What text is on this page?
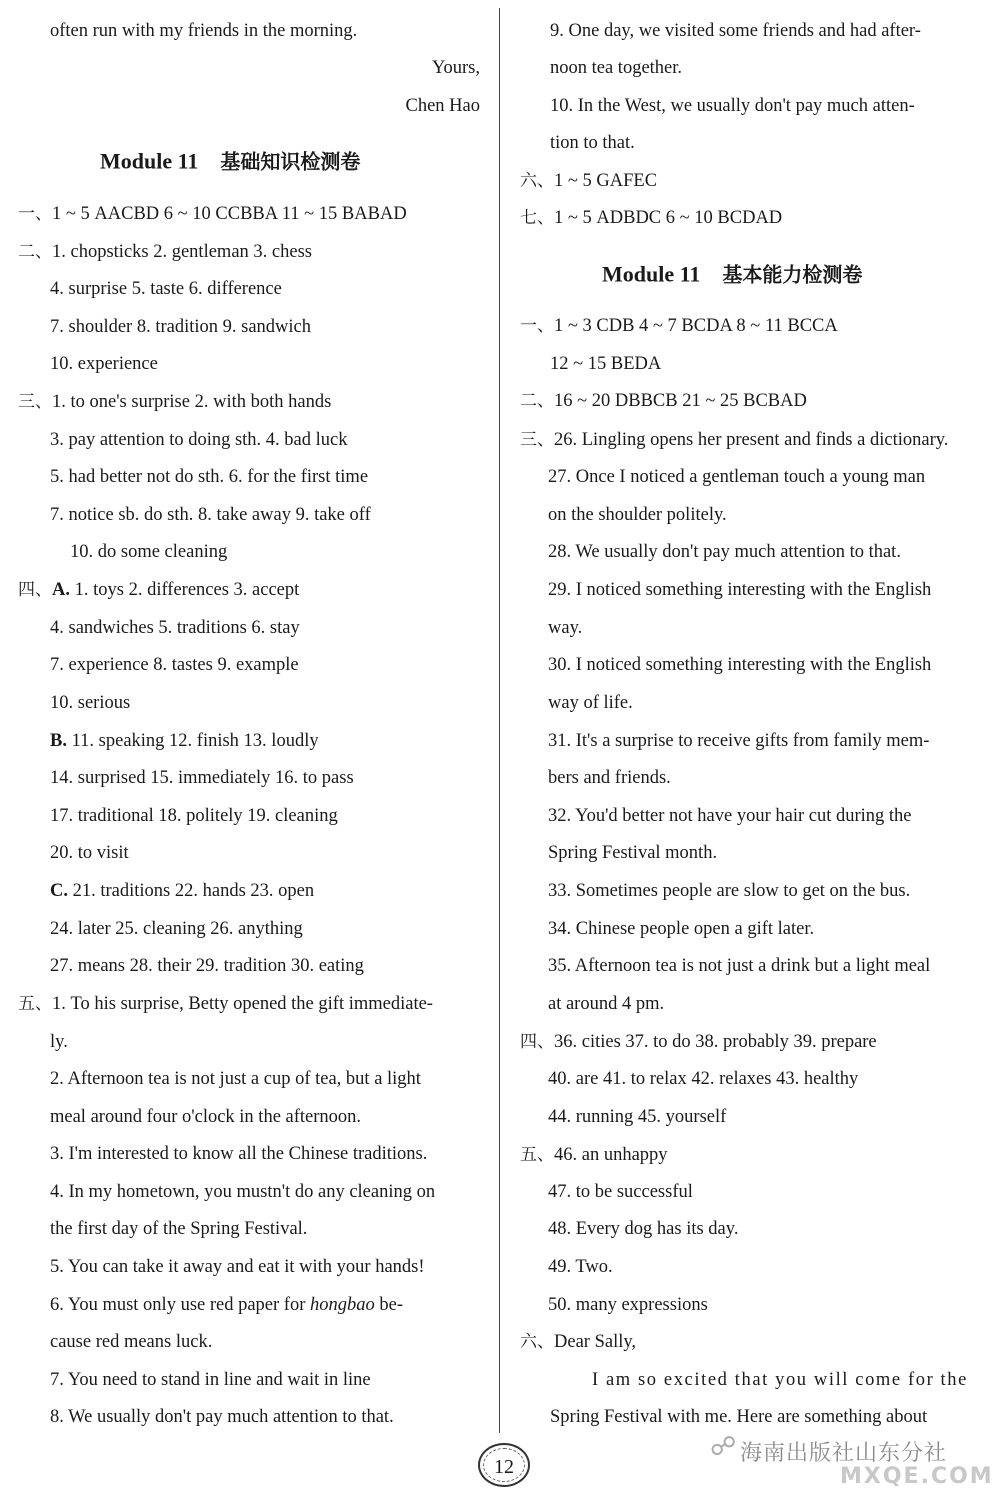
often run with my friends in the morning.
Yours,
Chen Hao
Module 11 基础知识检测卷
一、1 ~ 5 AACBD 6 ~ 10 CCBBA 11 ~ 15 BABAD
二、1. chopsticks 2. gentleman 3. chess
4. surprise 5. taste 6. difference
7. shoulder 8. tradition 9. sandwich
10. experience
三、1. to one's surprise 2. with both hands
3. pay attention to doing sth. 4. bad luck
5. had better not do sth. 6. for the first time
7. notice sb. do sth. 8. take away 9. take off
10. do some cleaning
四、A. 1. toys 2. differences 3. accept
4. sandwiches 5. traditions 6. stay
7. experience 8. tastes 9. example
10. serious
B. 11. speaking 12. finish 13. loudly
14. surprised 15. immediately 16. to pass
17. traditional 18. politely 19. cleaning
20. to visit
C. 21. traditions 22. hands 23. open
24. later 25. cleaning 26. anything
27. means 28. their 29. tradition 30. eating
五、1. To his surprise, Betty opened the gift immediate-
ly.
2. Afternoon tea is not just a cup of tea, but a light
meal around four o'clock in the afternoon.
3. I'm interested to know all the Chinese traditions.
4. In my hometown, you mustn't do any cleaning on
the first day of the Spring Festival.
5. You can take it away and eat it with your hands!
6. You must only use red paper for hongbao be-
cause red means luck.
7. You need to stand in line and wait in line
8. We usually don't pay much attention to that.
9. One day, we visited some friends and had after-
noon tea together.
10. In the West, we usually don't pay much atten-
tion to that.
六、1 ~ 5 GAFEC
七、1 ~ 5 ADBDC 6 ~ 10 BCDAD
Module 11 基本能力检测卷
一、1 ~ 3 CDB 4 ~ 7 BCDA 8 ~ 11 BCCA
12 ~ 15 BEDA
二、16 ~ 20 DBBCB 21 ~ 25 BCBAD
三、26. Lingling opens her present and finds a dictionary.
27. Once I noticed a gentleman touch a young man
on the shoulder politely.
28. We usually don't pay much attention to that.
29. I noticed something interesting with the English
way.
30. I noticed something interesting with the English
way of life.
31. It's a surprise to receive gifts from family mem-
bers and friends.
32. You'd better not have your hair cut during the
Spring Festival month.
33. Sometimes people are slow to get on the bus.
34. Chinese people open a gift later.
35. Afternoon tea is not just a drink but a light meal
at around 4 pm.
四、36. cities 37. to do 38. probably 39. prepare
40. are 41. to relax 42. relaxes 43. healthy
44. running 45. yourself
五、46. an unhappy
47. to be successful
48. Every dog has its day.
49. Two.
50. many expressions
六、Dear Sally,
I am so excited that you will come for the
Spring Festival with me. Here are something about
12
☍ 海南出版社山东分社
MXQE.COM
